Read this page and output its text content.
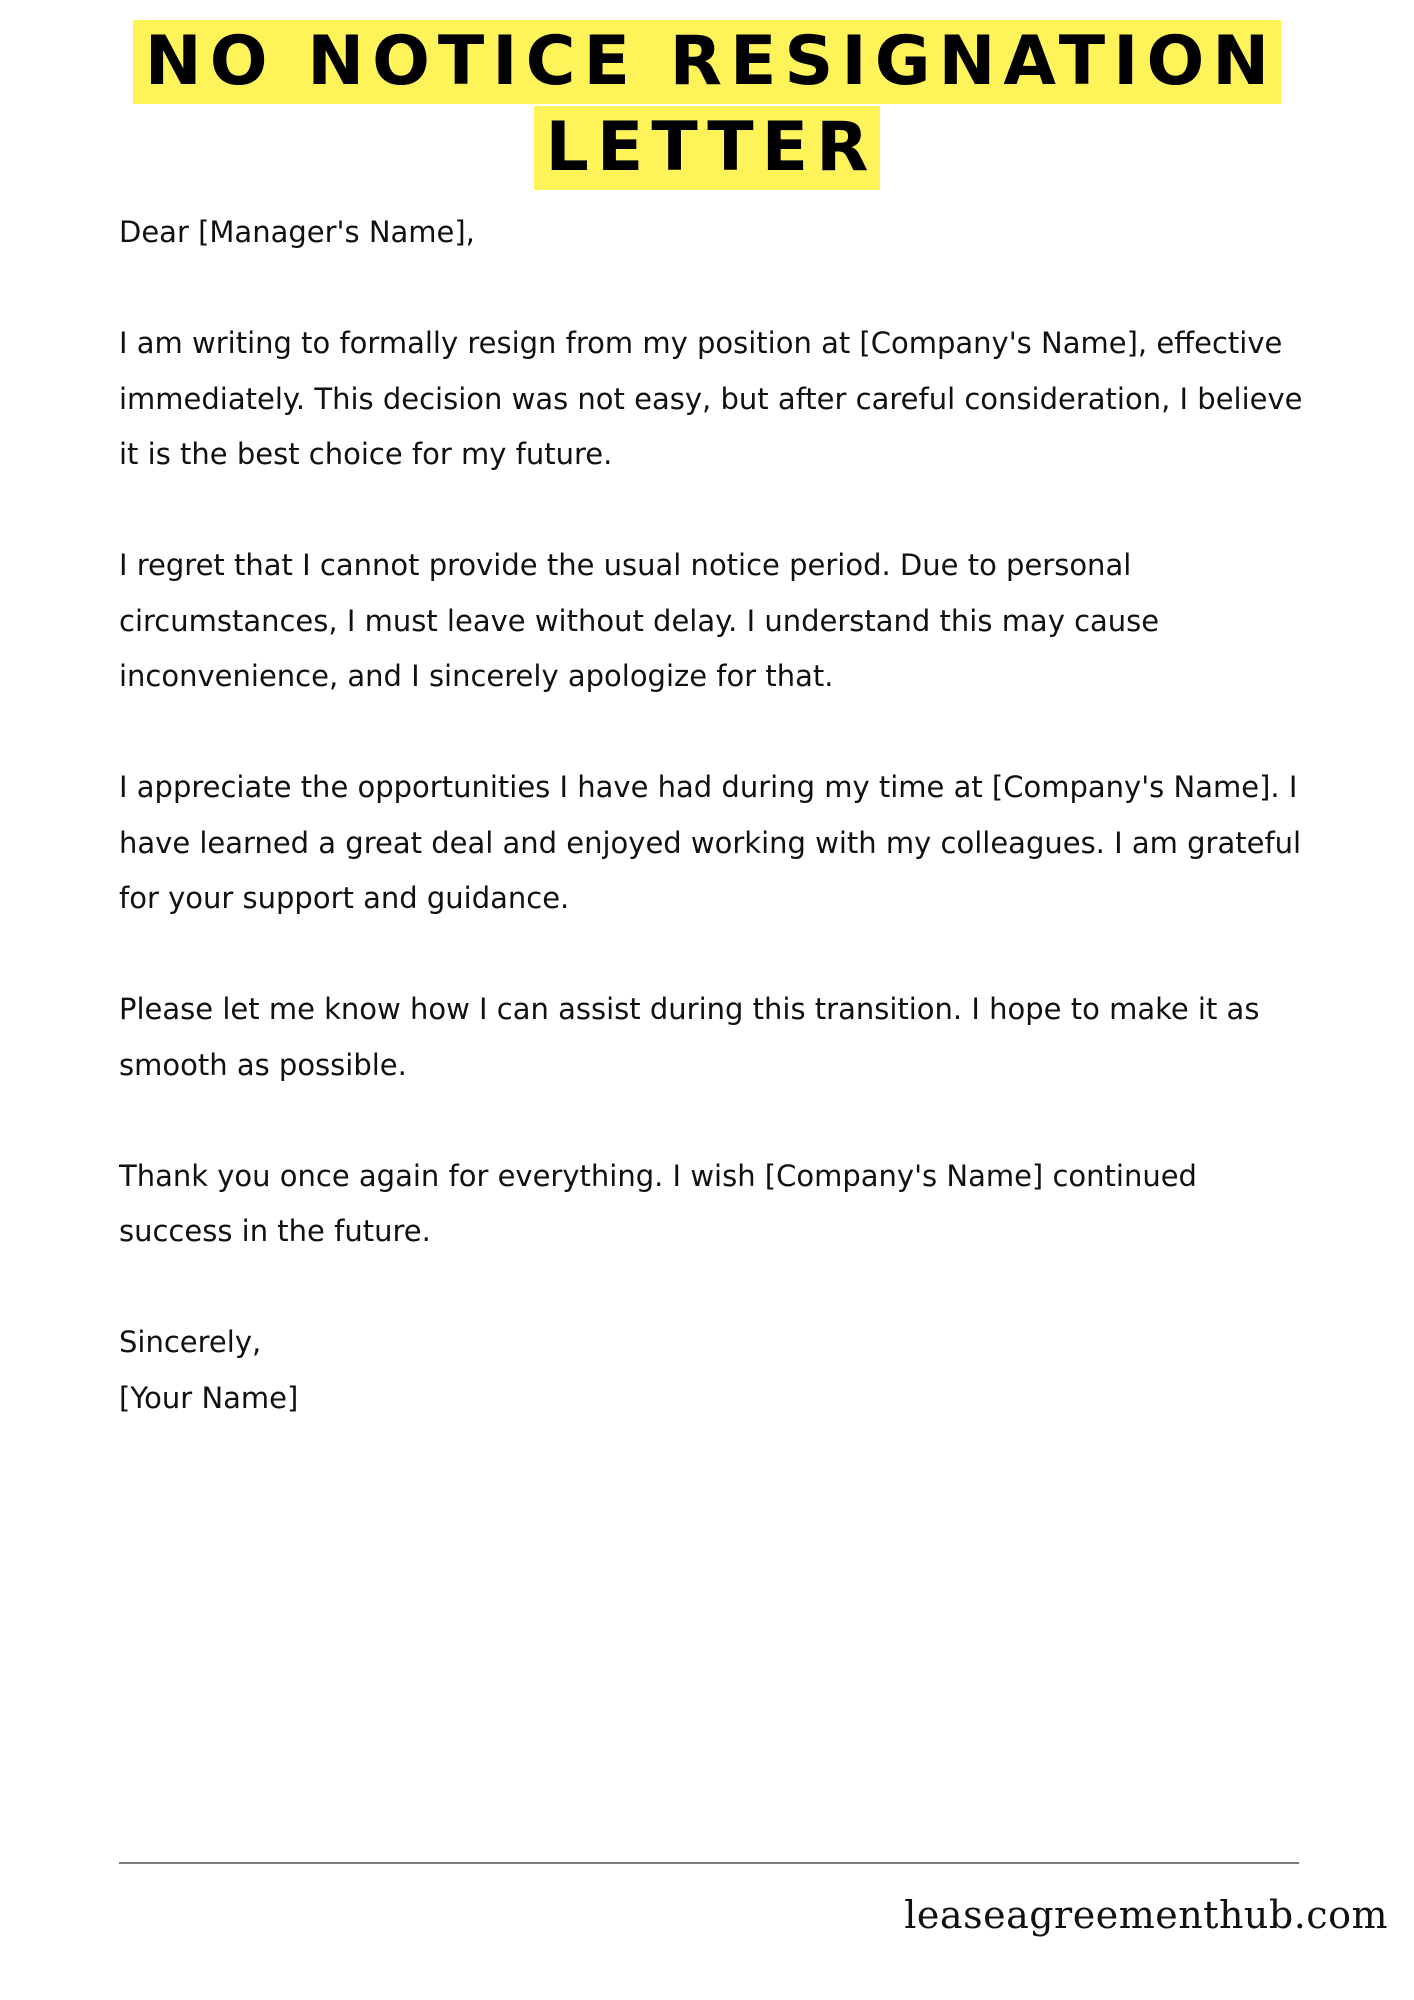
NO NOTICE RESIGNATION
LETTER

Dear [Manager's Name],

I am writing to formally resign from my position at [Company's Name], effective immediately. This decision was not easy, but after careful consideration, I believe it is the best choice for my future.

I regret that I cannot provide the usual notice period. Due to personal circumstances, I must leave without delay. I understand this may cause inconvenience, and I sincerely apologize for that.

I appreciate the opportunities I have had during my time at [Company's Name]. I have learned a great deal and enjoyed working with my colleagues. I am grateful for your support and guidance.

Please let me know how I can assist during this transition. I hope to make it as smooth as possible.

Thank you once again for everything. I wish [Company's Name] continued success in the future.

Sincerely,

[Your Name]

leaseagreementhub.com
